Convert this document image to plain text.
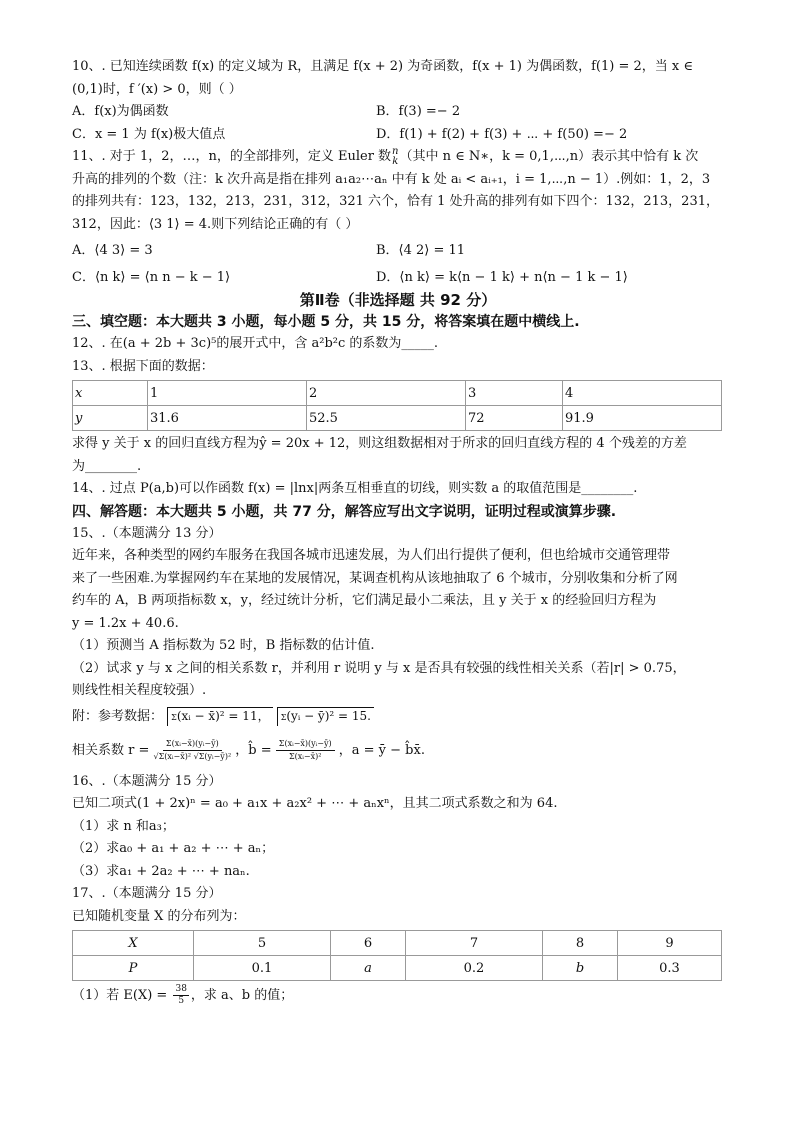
10、. 已知连续函数 f(x) 的定义域为 R，且满足 f(x + 2) 为奇函数，f(x + 1) 为偶函数，f(1) = 2，当 x ∈
(0,1)时，f ′(x) > 0，则（ ）
A．f(x)为偶函数	B．f(3) =− 2
C．x = 1 为 f(x)极大值点	D．f(1) + f(2) + f(3) + ⋯ + f(50) =− 2
11、. 对于 1，2，…，n，的全部排列，定义 Euler 数 n
k （其中 n ∈ N∗，k = 0,1,⋯,n）表示其中恰有 k 次
升高的排列的个数（注：k 次升高是指在排列 a₁a₂⋯aₙ 中有 k 处 aᵢ < aᵢ₊₁，i = 1,⋯,n − 1）.例如：1，2，3
的排列共有：123，132，213，231，312，321 六个，恰有 1 处升高的排列有如下四个：132，213，231，
312，因此：⟨3 1⟩ = 4.则下列结论正确的有（ ）
A．⟨4 3⟩ = 3	B．⟨4 2⟩ = 11
C．⟨n k⟩ = ⟨n n − k − 1⟩	D．⟨n k⟩ = k⟨n − 1 k⟩ + n⟨n − 1 k − 1⟩
第Ⅱ卷（非选择题 共 92 分）
三、填空题：本大题共 3 小题，每小题 5 分，共 15 分，将答案填在题中横线上.
12、. 在(a + 2b + 3c)⁵的展开式中，含 a²b²c 的系数为_____.
13、. 根据下面的数据：
x	1	2	3	4
y	31.6	52.5	72	91.9
求得 y 关于 x 的回归直线方程为ŷ = 20x + 12，则这组数据相对于所求的回归直线方程的 4 个残差的方差
为________.
14、. 过点 P(a,b)可以作函数 f(x) = |lnx|两条互相垂直的切线，则实数 a 的取值范围是________.
四、解答题：本大题共 5 小题，共 77 分，解答应写出文字说明，证明过程或演算步骤.
15、.（本题满分 13 分）
近年来，各种类型的网约车服务在我国各城市迅速发展，为人们出行提供了便利，但也给城市交通管理带
来了一些困难.为掌握网约车在某地的发展情况，某调查机构从该地抽取了 6 个城市，分别收集和分析了网
约车的 A，B 两项指标数 x，y，经过统计分析，它们满足最小二乘法，且 y 关于 x 的经验回归方程为
y = 1.2x + 40.6.
（1）预测当 A 指标数为 52 时，B 指标数的估计值.
（2）试求 y 与 x 之间的相关系数 r，并利用 r 说明 y 与 x 是否具有较强的线性相关关系（若|r| > 0.75，
则线性相关程度较强）.
附：参考数据： Σ(xᵢ − x̄)² = 11， Σ(yᵢ − ȳ)² = 15.
相关系数 $r = \frac{\text{Σ(xᵢ−x̄)(yᵢ−ȳ)}}{\text{√Σ(xᵢ−x̄)² √Σ(yᵢ−ȳ)²}}$ ，b̂ = $\frac{\text{Σ(xᵢ−x̄)(yᵢ−ȳ)}}{\text{Σ(xᵢ−x̄)²}}$ ，a = ȳ − b̂x̄.
16、.（本题满分 15 分）
已知二项式(1 + 2x)ⁿ = a₀ + a₁x + a₂x² + ⋯ + aₙxⁿ，且其二项式系数之和为 64.
（1）求 n 和a₃；
（2）求a₀ + a₁ + a₂ + ⋯ + aₙ；
（3）求a₁ + 2a₂ + ⋯ + naₙ.
17、.（本题满分 15 分）
已知随机变量 X 的分布列为：
X	5	6	7	8	9
P	0.1	a	0.2	b	0.3
（1）若 $E(X) = \frac{38}{5}$ ，求 a、b 的值；
